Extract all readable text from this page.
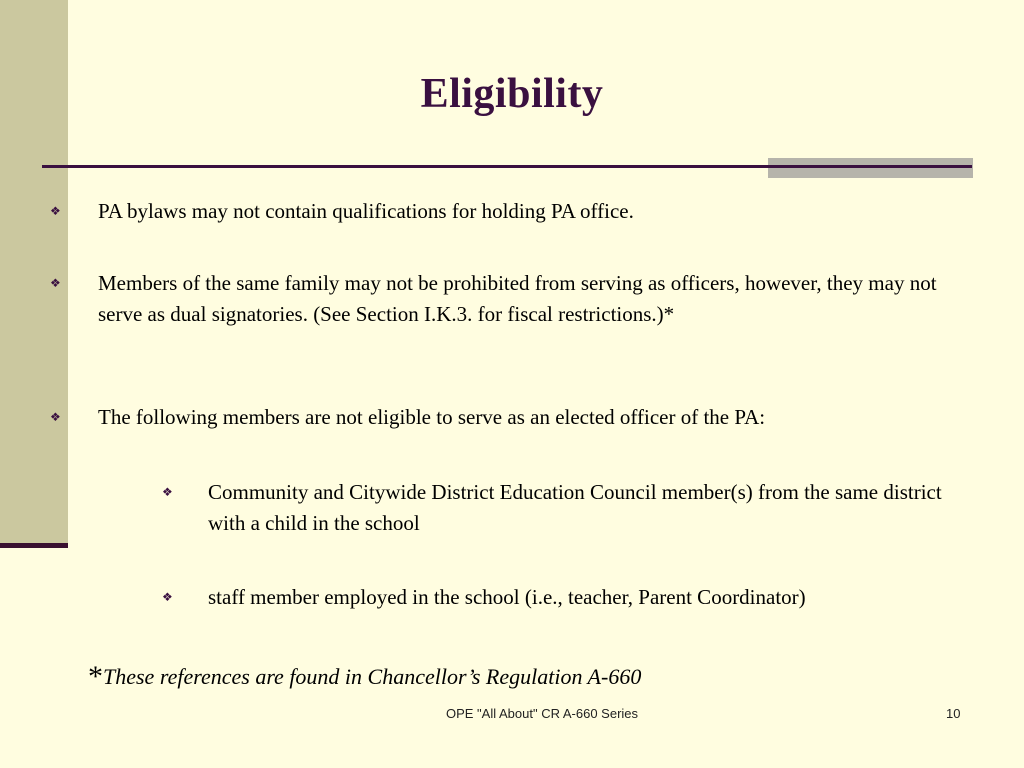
Eligibility
❖ PA bylaws may not contain qualifications for holding PA office.
❖ Members of the same family may not be prohibited from serving as officers, however, they may not serve as dual signatories. (See Section I.K.3. for fiscal restrictions.)*
❖ The following members are not eligible to serve as an elected officer of the PA:
❖ Community and Citywide District Education Council member(s) from the same district with a child in the school
❖ staff member employed in the school (i.e., teacher, Parent Coordinator)
*These references are found in Chancellor’s Regulation A-660
OPE "All About" CR A-660 Series	10
